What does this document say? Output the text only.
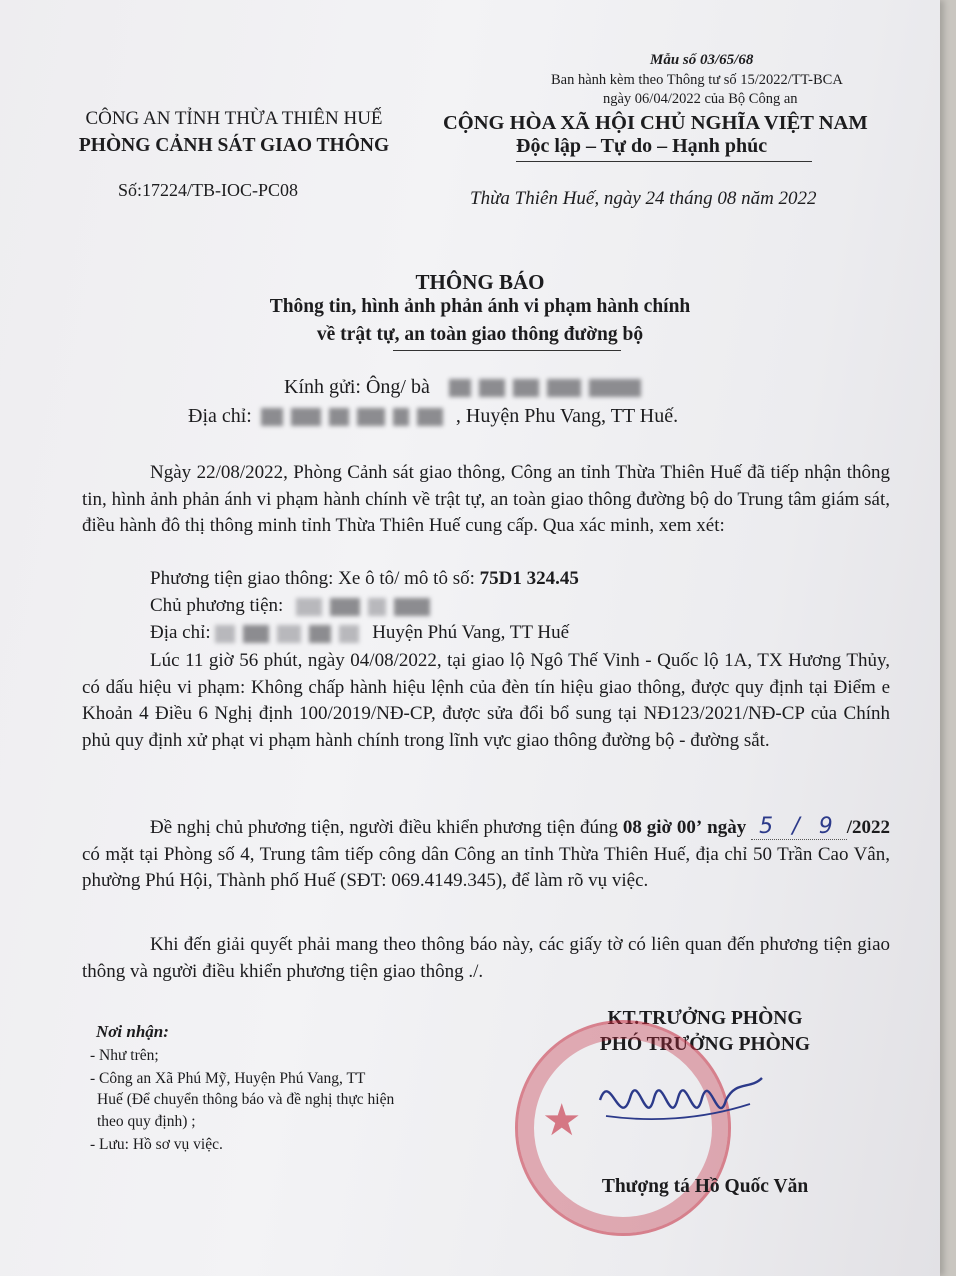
Mẫu số 03/65/68
Ban hành kèm theo Thông tư số 15/2022/TT-BCA
ngày 06/04/2022 của Bộ Công an
CÔNG AN TỈNH THỪA THIÊN HUẾ
PHÒNG CẢNH SÁT GIAO THÔNG
Số:17224/TB-IOC-PC08
CỘNG HÒA XÃ HỘI CHỦ NGHĨA VIỆT NAM
Độc lập – Tự do – Hạnh phúc
Thừa Thiên Huế, ngày 24 tháng 08 năm 2022
THÔNG BÁO
Thông tin, hình ảnh phản ánh vi phạm hành chính
về trật tự, an toàn giao thông đường bộ
Kính gửi: Ông/ bà
Địa chỉ:	, Huyện Phu Vang, TT Huế.
Ngày 22/08/2022, Phòng Cảnh sát giao thông, Công an tỉnh Thừa Thiên Huế đã tiếp nhận thông tin, hình ảnh phản ánh vi phạm hành chính về trật tự, an toàn giao thông đường bộ do Trung tâm giám sát, điều hành đô thị thông minh tỉnh Thừa Thiên Huế cung cấp. Qua xác minh, xem xét:
Phương tiện giao thông: Xe ô tô/ mô tô số: 75D1 324.45
Chủ phương tiện:
Địa chỉ:	Huyện Phú Vang, TT Huế
Lúc 11 giờ 56 phút, ngày 04/08/2022, tại giao lộ Ngô Thế Vinh - Quốc lộ 1A, TX Hương Thủy, có dấu hiệu vi phạm: Không chấp hành hiệu lệnh của đèn tín hiệu giao thông, được quy định tại Điểm e Khoản 4 Điều 6 Nghị định 100/2019/NĐ-CP, được sửa đổi bổ sung tại NĐ123/2021/NĐ-CP của Chính phủ quy định xử phạt vi phạm hành chính trong lĩnh vực giao thông đường bộ - đường sắt.
Đề nghị chủ phương tiện, người điều khiển phương tiện đúng 08 giờ 00’ ngày 5 / 9 /2022 có mặt tại Phòng số 4, Trung tâm tiếp công dân Công an tỉnh Thừa Thiên Huế, địa chỉ 50 Trần Cao Vân, phường Phú Hội, Thành phố Huế (SĐT: 069.4149.345), để làm rõ vụ việc.
Khi đến giải quyết phải mang theo thông báo này, các giấy tờ có liên quan đến phương tiện giao thông và người điều khiển phương tiện giao thông ./.
Nơi nhận:
- Như trên;
- Công an Xã Phú Mỹ, Huyện Phú Vang, TT
Huế (Để chuyển thông báo và đề nghị thực hiện
theo quy định) ;
- Lưu: Hồ sơ vụ việc.
KT.TRƯỞNG PHÒNG
PHÓ TRƯỞNG PHÒNG
★
Thượng tá Hồ Quốc Văn
